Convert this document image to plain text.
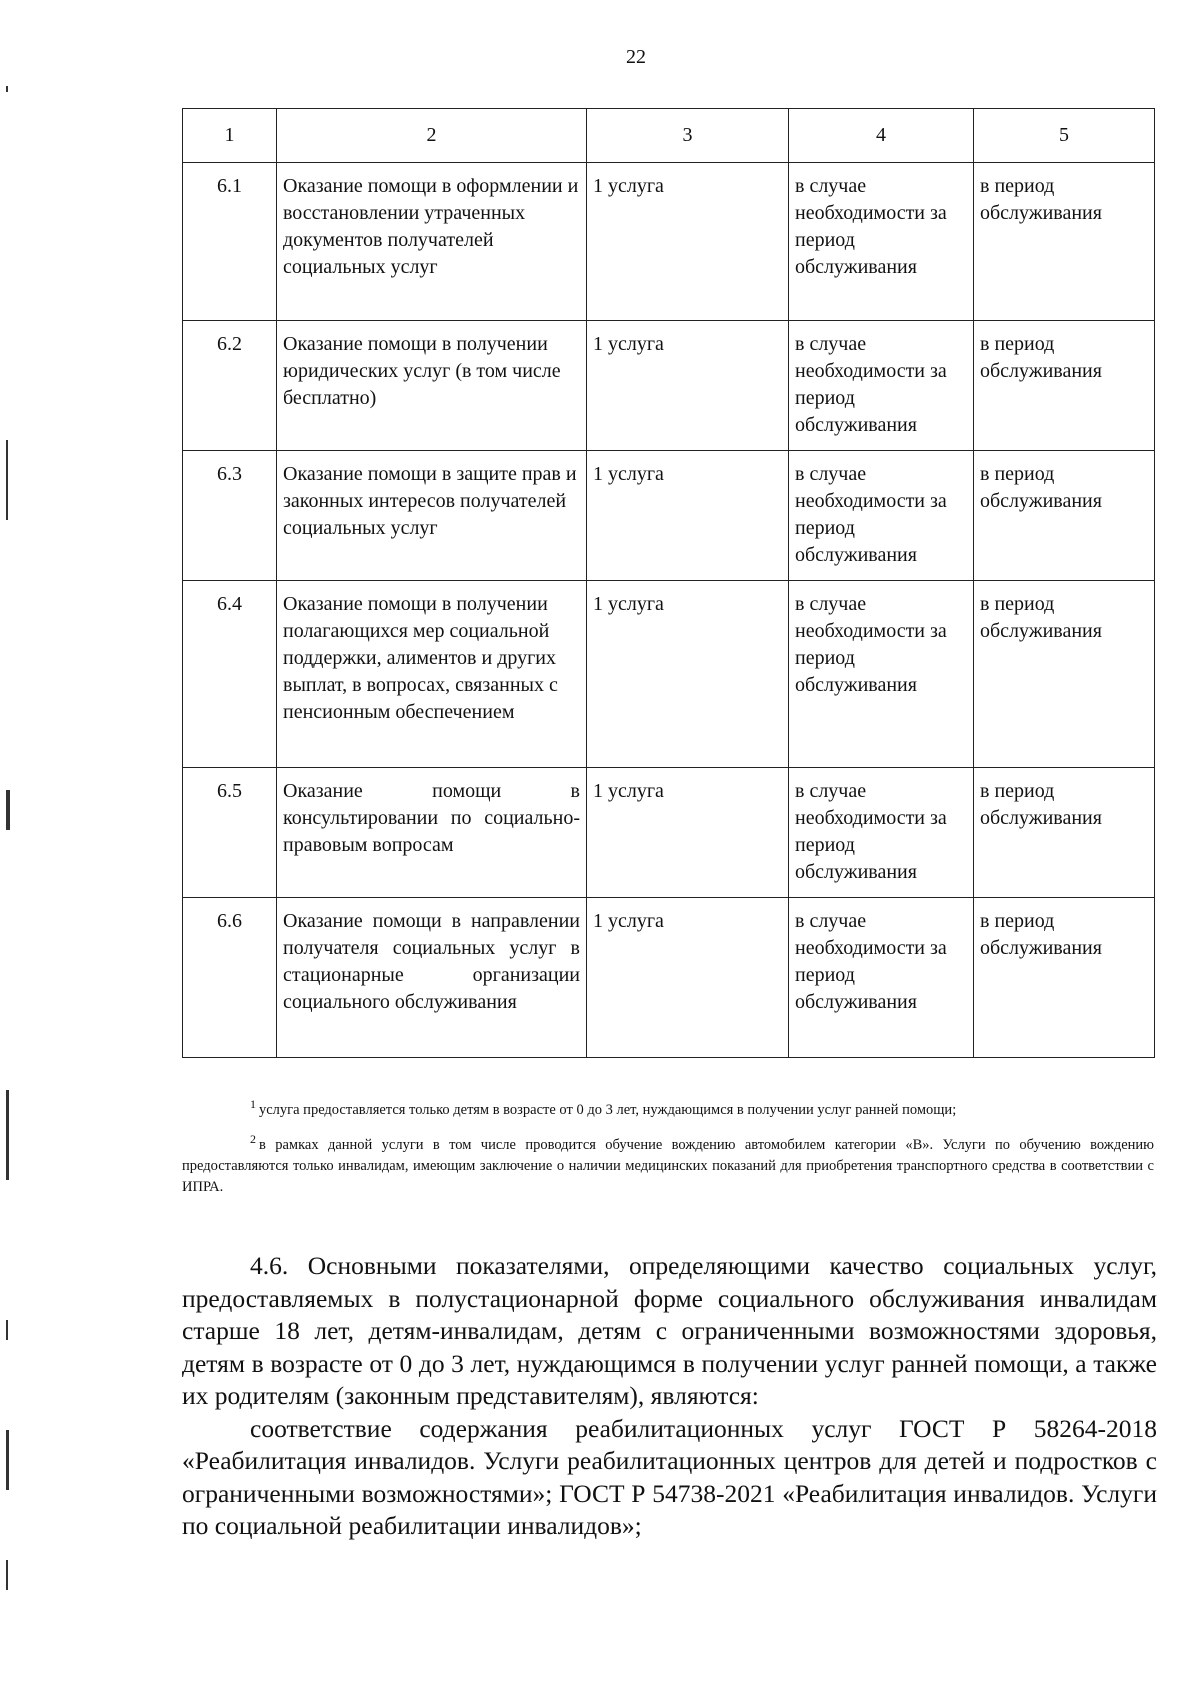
22
1	2	3	4	5
6.1	Оказание помощи в оформлении и восстановлении утраченных документов получателей социальных услуг	1 услуга	в случае необходимости за период обслуживания	в период обслуживания
6.2	Оказание помощи в получении юридических услуг (в том числе бесплатно)	1 услуга	в случае необходимости за период обслуживания	в период обслуживания
6.3	Оказание помощи в защите прав и законных интересов получателей социальных услуг	1 услуга	в случае необходимости за период обслуживания	в период обслуживания
6.4	Оказание помощи в получении полагающихся мер социальной поддержки, алиментов и других выплат, в вопросах, связанных с пенсионным обеспечением	1 услуга	в случае необходимости за период обслуживания	в период обслуживания
6.5	Оказание помощи в консультировании по социально- правовым вопросам	1 услуга	в случае необходимости за период обслуживания	в период обслуживания
6.6	Оказание помощи в направлении получателя социальных услуг в стационарные организации социального обслуживания	1 услуга	в случае необходимости за период обслуживания	в период обслуживания

$^1$ услуга предоставляется только детям в возрасте от 0 до 3 лет, нуждающимся в получении услуг ранней помощи;

$^2$ в рамках данной услуги в том числе проводится обучение вождению автомобилем категории «В». Услуги по обучению вождению предоставляются только инвалидам, имеющим заключение о наличии медицинских показаний для приобретения транспортного средства в соответствии с ИПРА.

4.6. Основными показателями, определяющими качество социальных услуг, предоставляемых в полустационарной форме социального обслуживания инвалидам старше 18 лет, детям-инвалидам, детям с ограниченными возможностями здоровья, детям в возрасте от 0 до 3 лет, нуждающимся в получении услуг ранней помощи, а также их родителям (законным представителям), являются:

соответствие содержания реабилитационных услуг ГОСТ Р 58264-2018 «Реабилитация инвалидов. Услуги реабилитационных центров для детей и подростков с ограниченными возможностями»; ГОСТ Р 54738-2021 «Реабилитация инвалидов. Услуги по социальной реабилитации инвалидов»;
